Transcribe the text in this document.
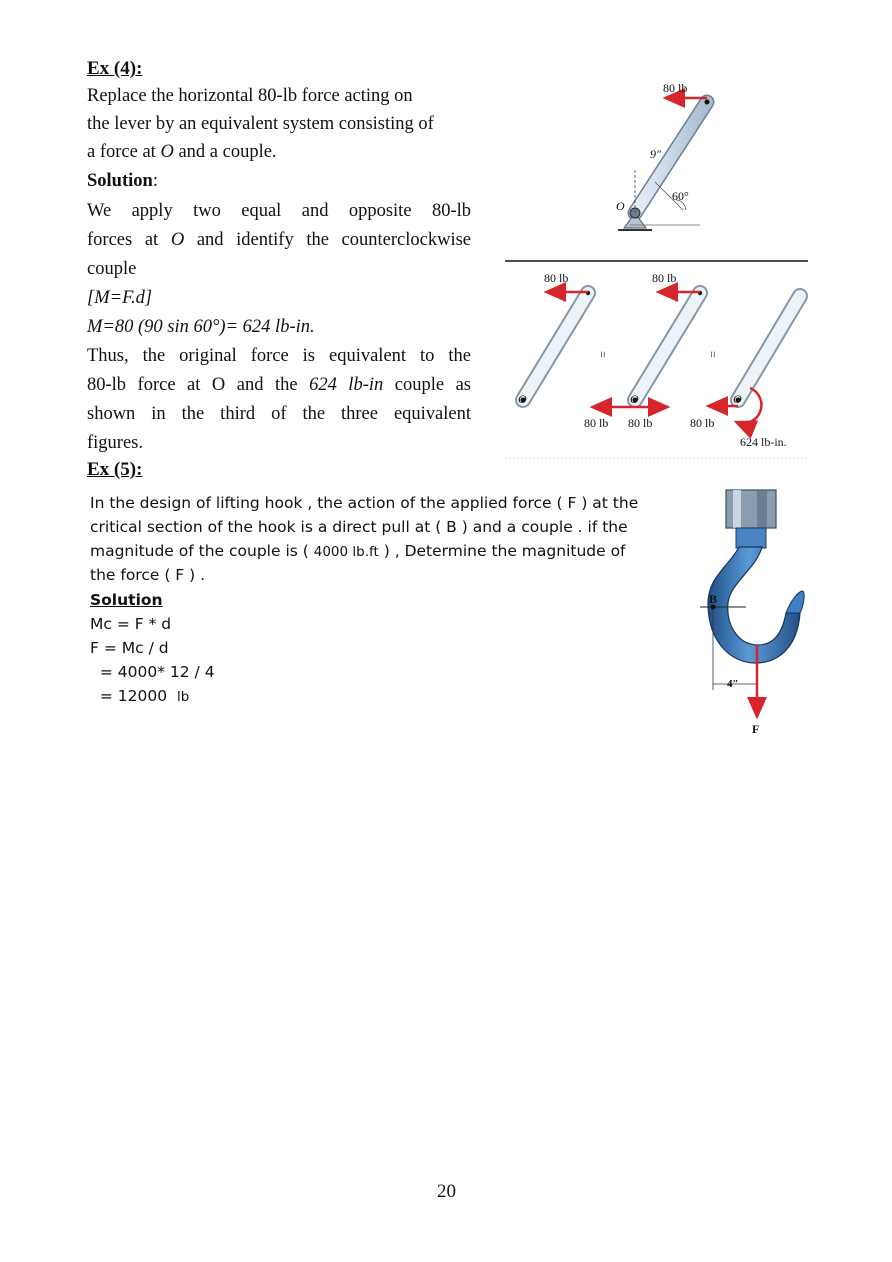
Ex (4):
Replace the horizontal 80-lb force acting on
the lever by an equivalent system consisting of
a force at O and a couple.
Solution:
We apply two equal and opposite 80-lb
forces at O and identify the counterclockwise
couple
[M=F.d]
M=80 (90 sin 60°)= 624 lb-in.
Thus, the original force is equivalent to the
80-lb force at O and the 624 lb-in couple as
shown in the third of the three equivalent
figures.
80 lb
9″
60°
O
80 lb
O
=
80 lb
O
80 lb 80 lb
=
80 lb
O
624 lb-in.
Ex (5):
In the design of lifting hook , the action of the applied force ( F ) at the
critical section of the hook is a direct pull at ( B ) and a couple . if the
magnitude of the couple is ( 4000 lb.ft ) , Determine the magnitude of
the force ( F ) .
Solution
Mc = F * d
F = Mc / d
= 4000* 12 / 4
= 12000  lb
B
4″
F
20
